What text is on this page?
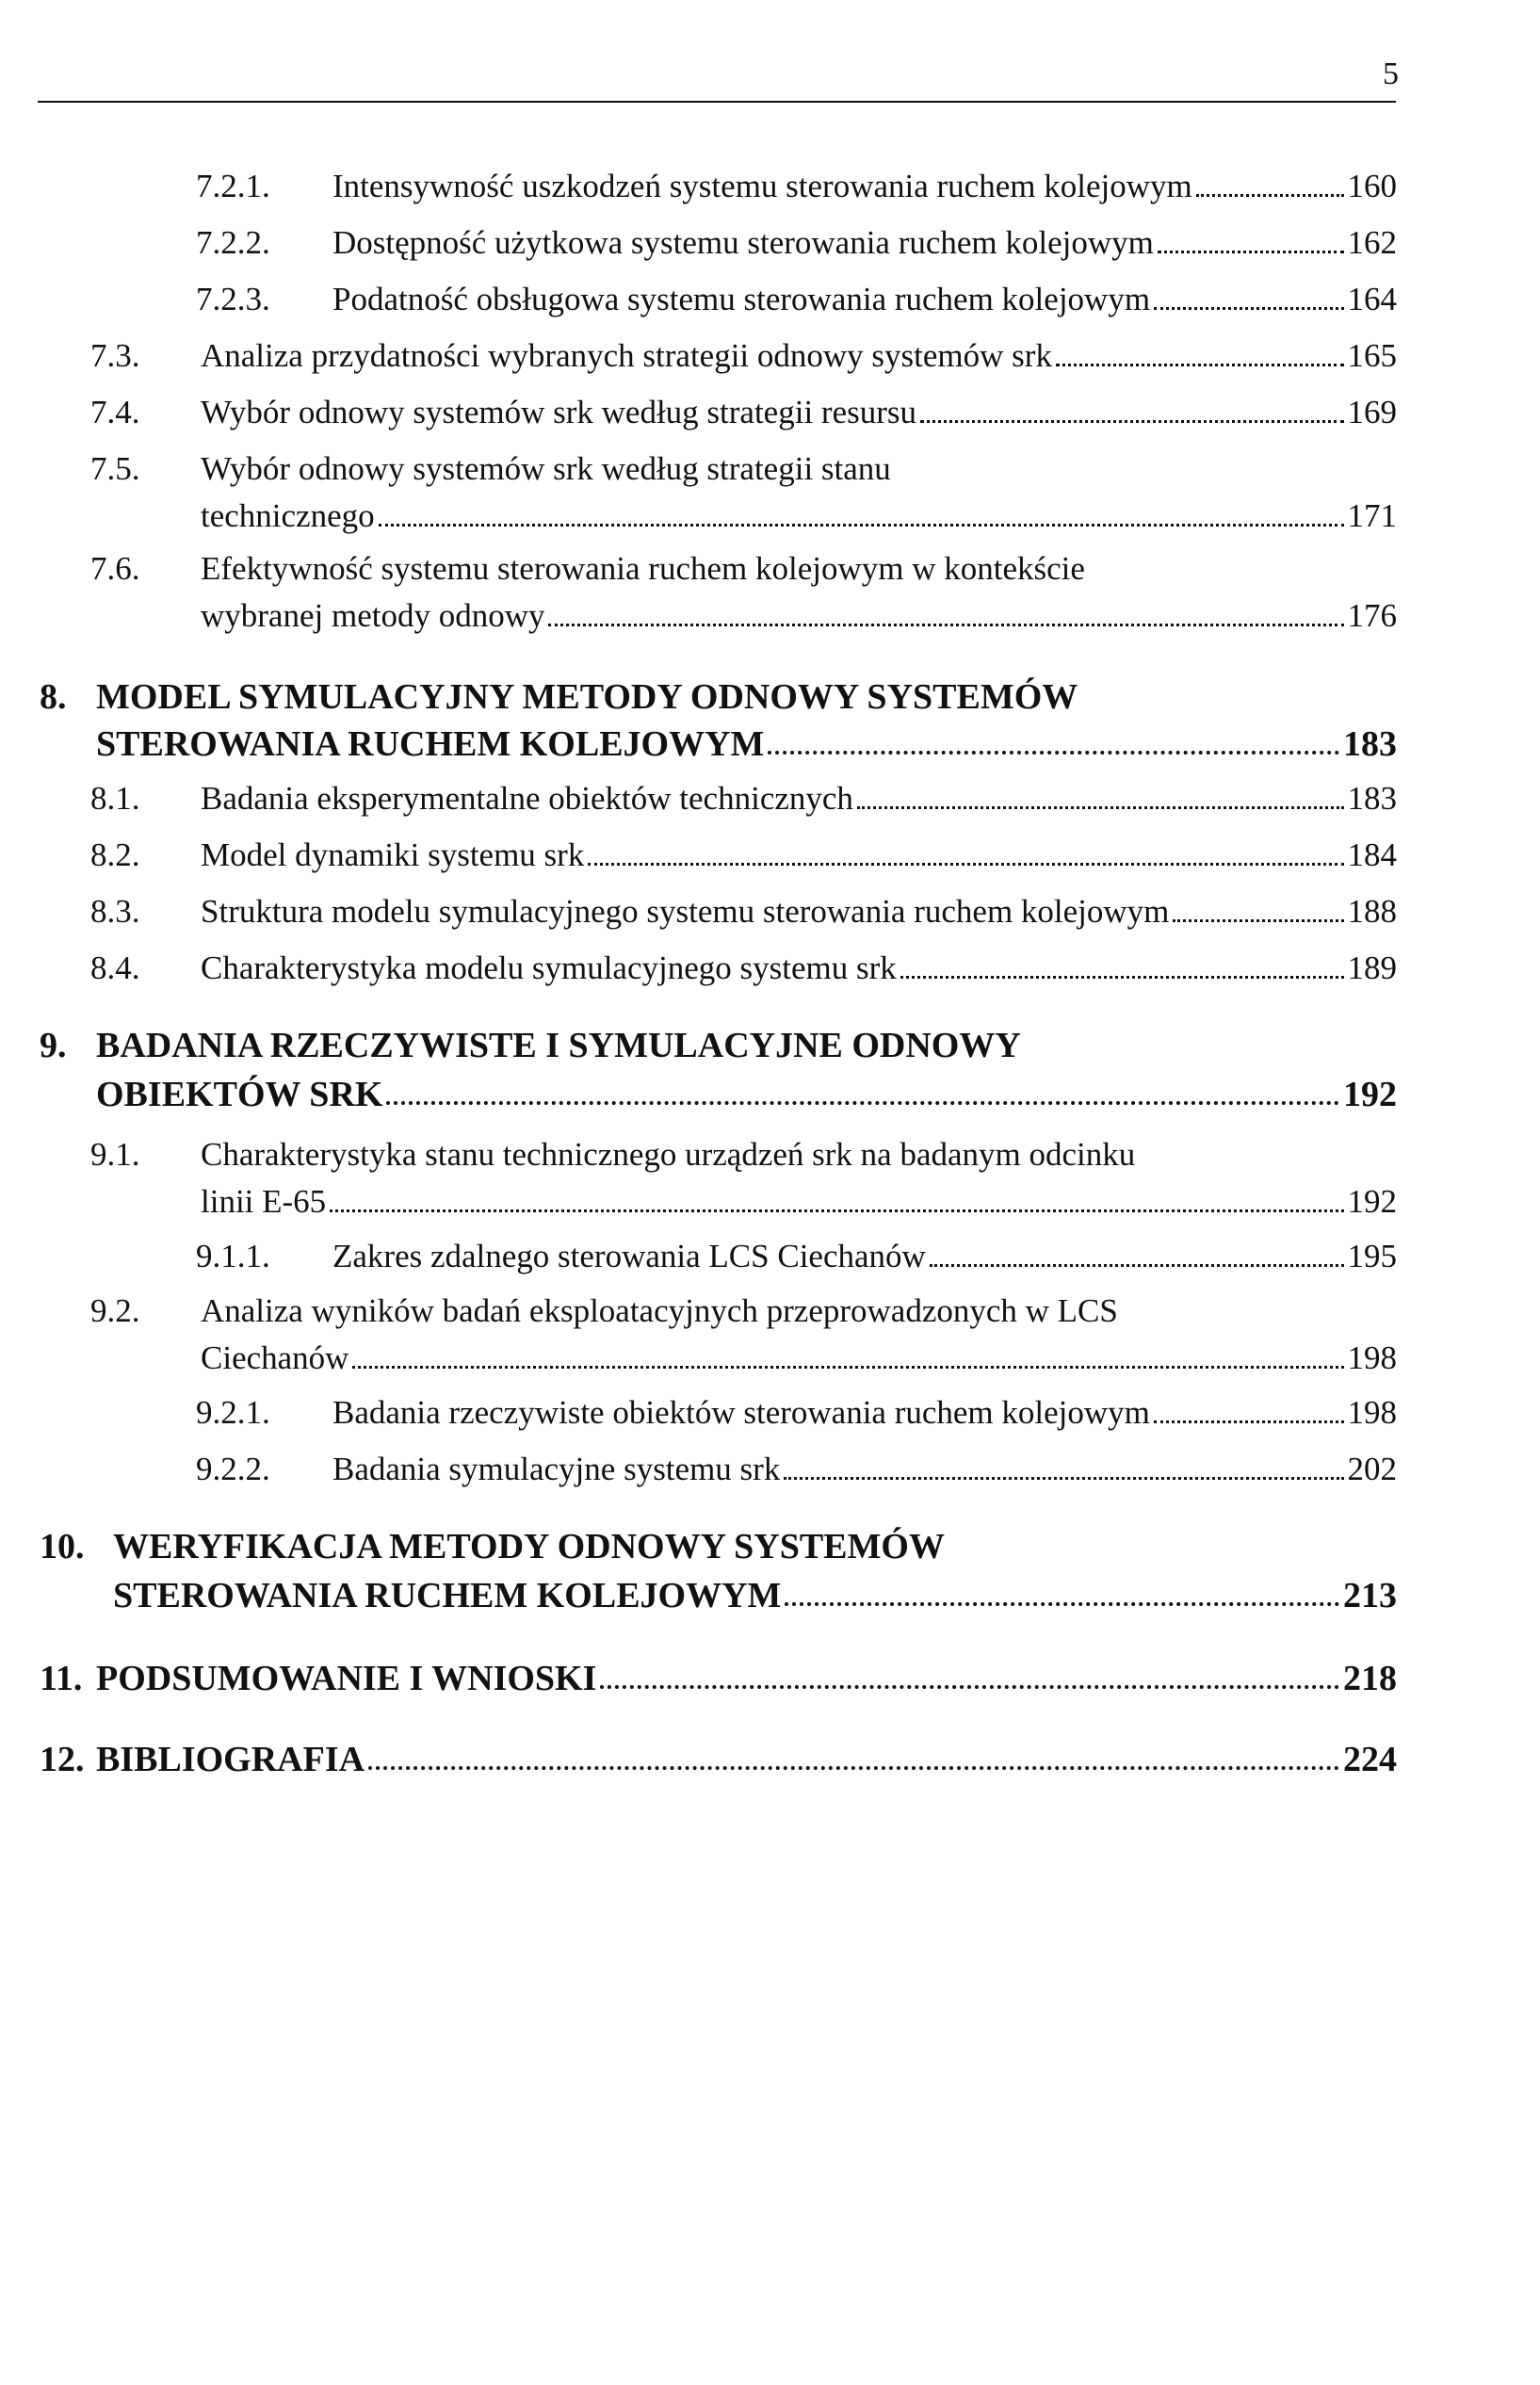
5
7.2.1.	Intensywność uszkodzeń systemu sterowania ruchem kolejowym	160
7.2.2.	Dostępność użytkowa systemu sterowania ruchem kolejowym	162
7.2.3.	Podatność obsługowa systemu sterowania ruchem kolejowym	164
7.3.	Analiza przydatności wybranych strategii odnowy systemów srk	165
7.4.	Wybór odnowy systemów srk według strategii resursu	169
7.5. Wybór odnowy systemów srk według strategii stanu
technicznego	171
7.6. Efektywność systemu sterowania ruchem kolejowym w kontekście
wybranej metody odnowy	176
8. MODEL SYMULACYJNY METODY ODNOWY SYSTEMÓW
STEROWANIA RUCHEM KOLEJOWYM	183
8.1.	Badania eksperymentalne obiektów technicznych	183
8.2.	Model dynamiki systemu srk	184
8.3.	Struktura modelu symulacyjnego systemu sterowania ruchem kolejowym	188
8.4.	Charakterystyka modelu symulacyjnego systemu srk	189
9. BADANIA RZECZYWISTE I SYMULACYJNE ODNOWY
OBIEKTÓW SRK	192
9.1. Charakterystyka stanu technicznego urządzeń srk na badanym odcinku
linii E-65	192
9.1.1.	Zakres zdalnego sterowania LCS Ciechanów	195
9.2. Analiza wyników badań eksploatacyjnych przeprowadzonych w LCS
Ciechanów	198
9.2.1.	Badania rzeczywiste obiektów sterowania ruchem kolejowym	198
9.2.2.	Badania symulacyjne systemu srk	202
10. WERYFIKACJA METODY ODNOWY SYSTEMÓW
STEROWANIA RUCHEM KOLEJOWYM	213
11. PODSUMOWANIE I WNIOSKI	218
12. BIBLIOGRAFIA	224
